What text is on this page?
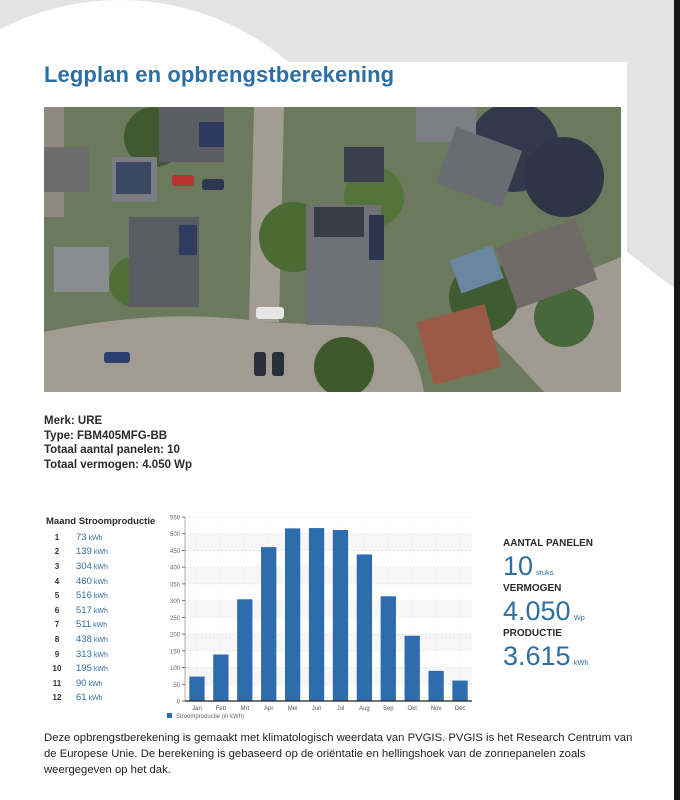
Legplan en opbrengstberekening
Merk: URE
Type: FBM405MFG-BB
Totaal aantal panelen: 10
Totaal vermogen: 4.050 Wp
Maand Stroomproductie
1	73 kWh
2	139 kWh
3	304 kWh
4	460 kWh
5	516 kWh
6	517 kWh
7	511 kWh
8	438 kWh
9	313 kWh
10	195 kWh
11	90 kWh
12	61 kWh
0
50
100
150
200
250
300
350
400
450
500
550
Jan Feb Mrt Apr Mei Jun	Jul Aug Sep Okt Nov Dec
Stroomproductie (in kWh)
AANTAL PANELEN
10 stuks
VERMOGEN
4.050 Wp
PRODUCTIE
3.615 kWh

Deze opbrengstberekening is gemaakt met klimatologisch weerdata van PVGIS. PVGIS is het Research Centrum van de Europese Unie. De berekening is gebaseerd op de oriëntatie en hellingshoek van de zonnepanelen zoals weergegeven op het dak.
